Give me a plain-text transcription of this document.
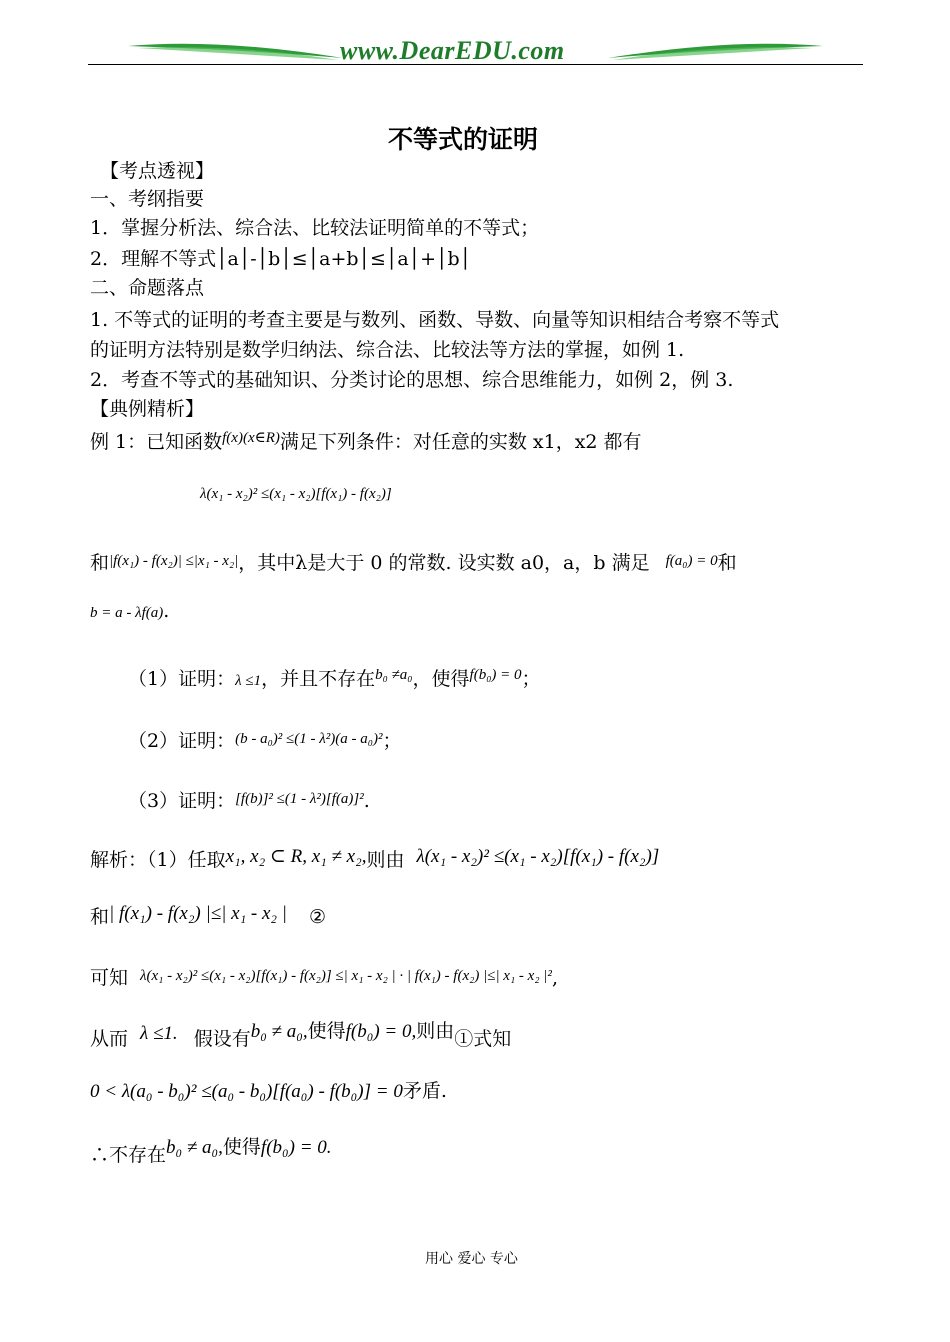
www.DearEDU.com
不等式的证明
【考点透视】
一、考纲指要
1．掌握分析法、综合法、比较法证明简单的不等式；
2．理解不等式│a│-│b│≤│a+b│≤│a│+│b│
二、命题落点
1. 不等式的证明的考查主要是与数列、函数、导数、向量等知识相结合考察不等式
的证明方法特别是数学归纳法、综合法、比较法等方法的掌握，如例 1.
2．考查不等式的基础知识、分类讨论的思想、综合思维能力，如例 2，例 3.
【典例精析】
例 1：已知函数$^{f(x)(x\in R)}$满足下列条件：对任意的实数 x1，x2 都有
λ(x₁ - x₂)² ≤(x₁ - x₂)[f(x₁) - f(x₂)]
和$^{|f(x_1) - f(x_2)| \le|x_1 - x_2|}$，其中λ是大于 0 的常数. 设实数 a0，a，b 满足 $^{f(a_0) = 0}$和
b = a - λf(a).
（1）证明：λ ≤1，并且不存在$^{b_0 \ne a_0}$，使得$^{f(b_0) = 0}$；
（2）证明：$^{(b - a_0)^2 \le(1 - \lambda^2)(a - a_0)^2}$；
（3）证明：$^{[f(b)]^2 \le(1 - \lambda^2)[f(a)]^2}$.
解析：（1）任取x₁, x₂ ⊂ R, x₁ ≠ x₂,则由 λ(x₁ - x₂)² ≤(x₁ - x₂)[f(x₁) - f(x₂)]
和| f(x₁) - f(x₂) |≤| x₁ - x₂ | ②
可知 $^{\lambda(x_1 - x_2)^2 \le(x_1 - x_2)[f(x_1) - f(x_2)] \le| x_1 - x_2 | \cdot | f(x_1) - f(x_2) |\le| x_1 - x_2 |^2}$,
从而 λ ≤1. 假设有b₀ ≠ a₀,使得f(b₀) = 0,则由①式知
0 < λ(a₀ - b₀)² ≤(a₀ - b₀)[f(a₀) - f(b₀)] = 0矛盾.
∴不存在b₀ ≠ a₀,使得f(b₀) = 0.
用心 爱心 专心
